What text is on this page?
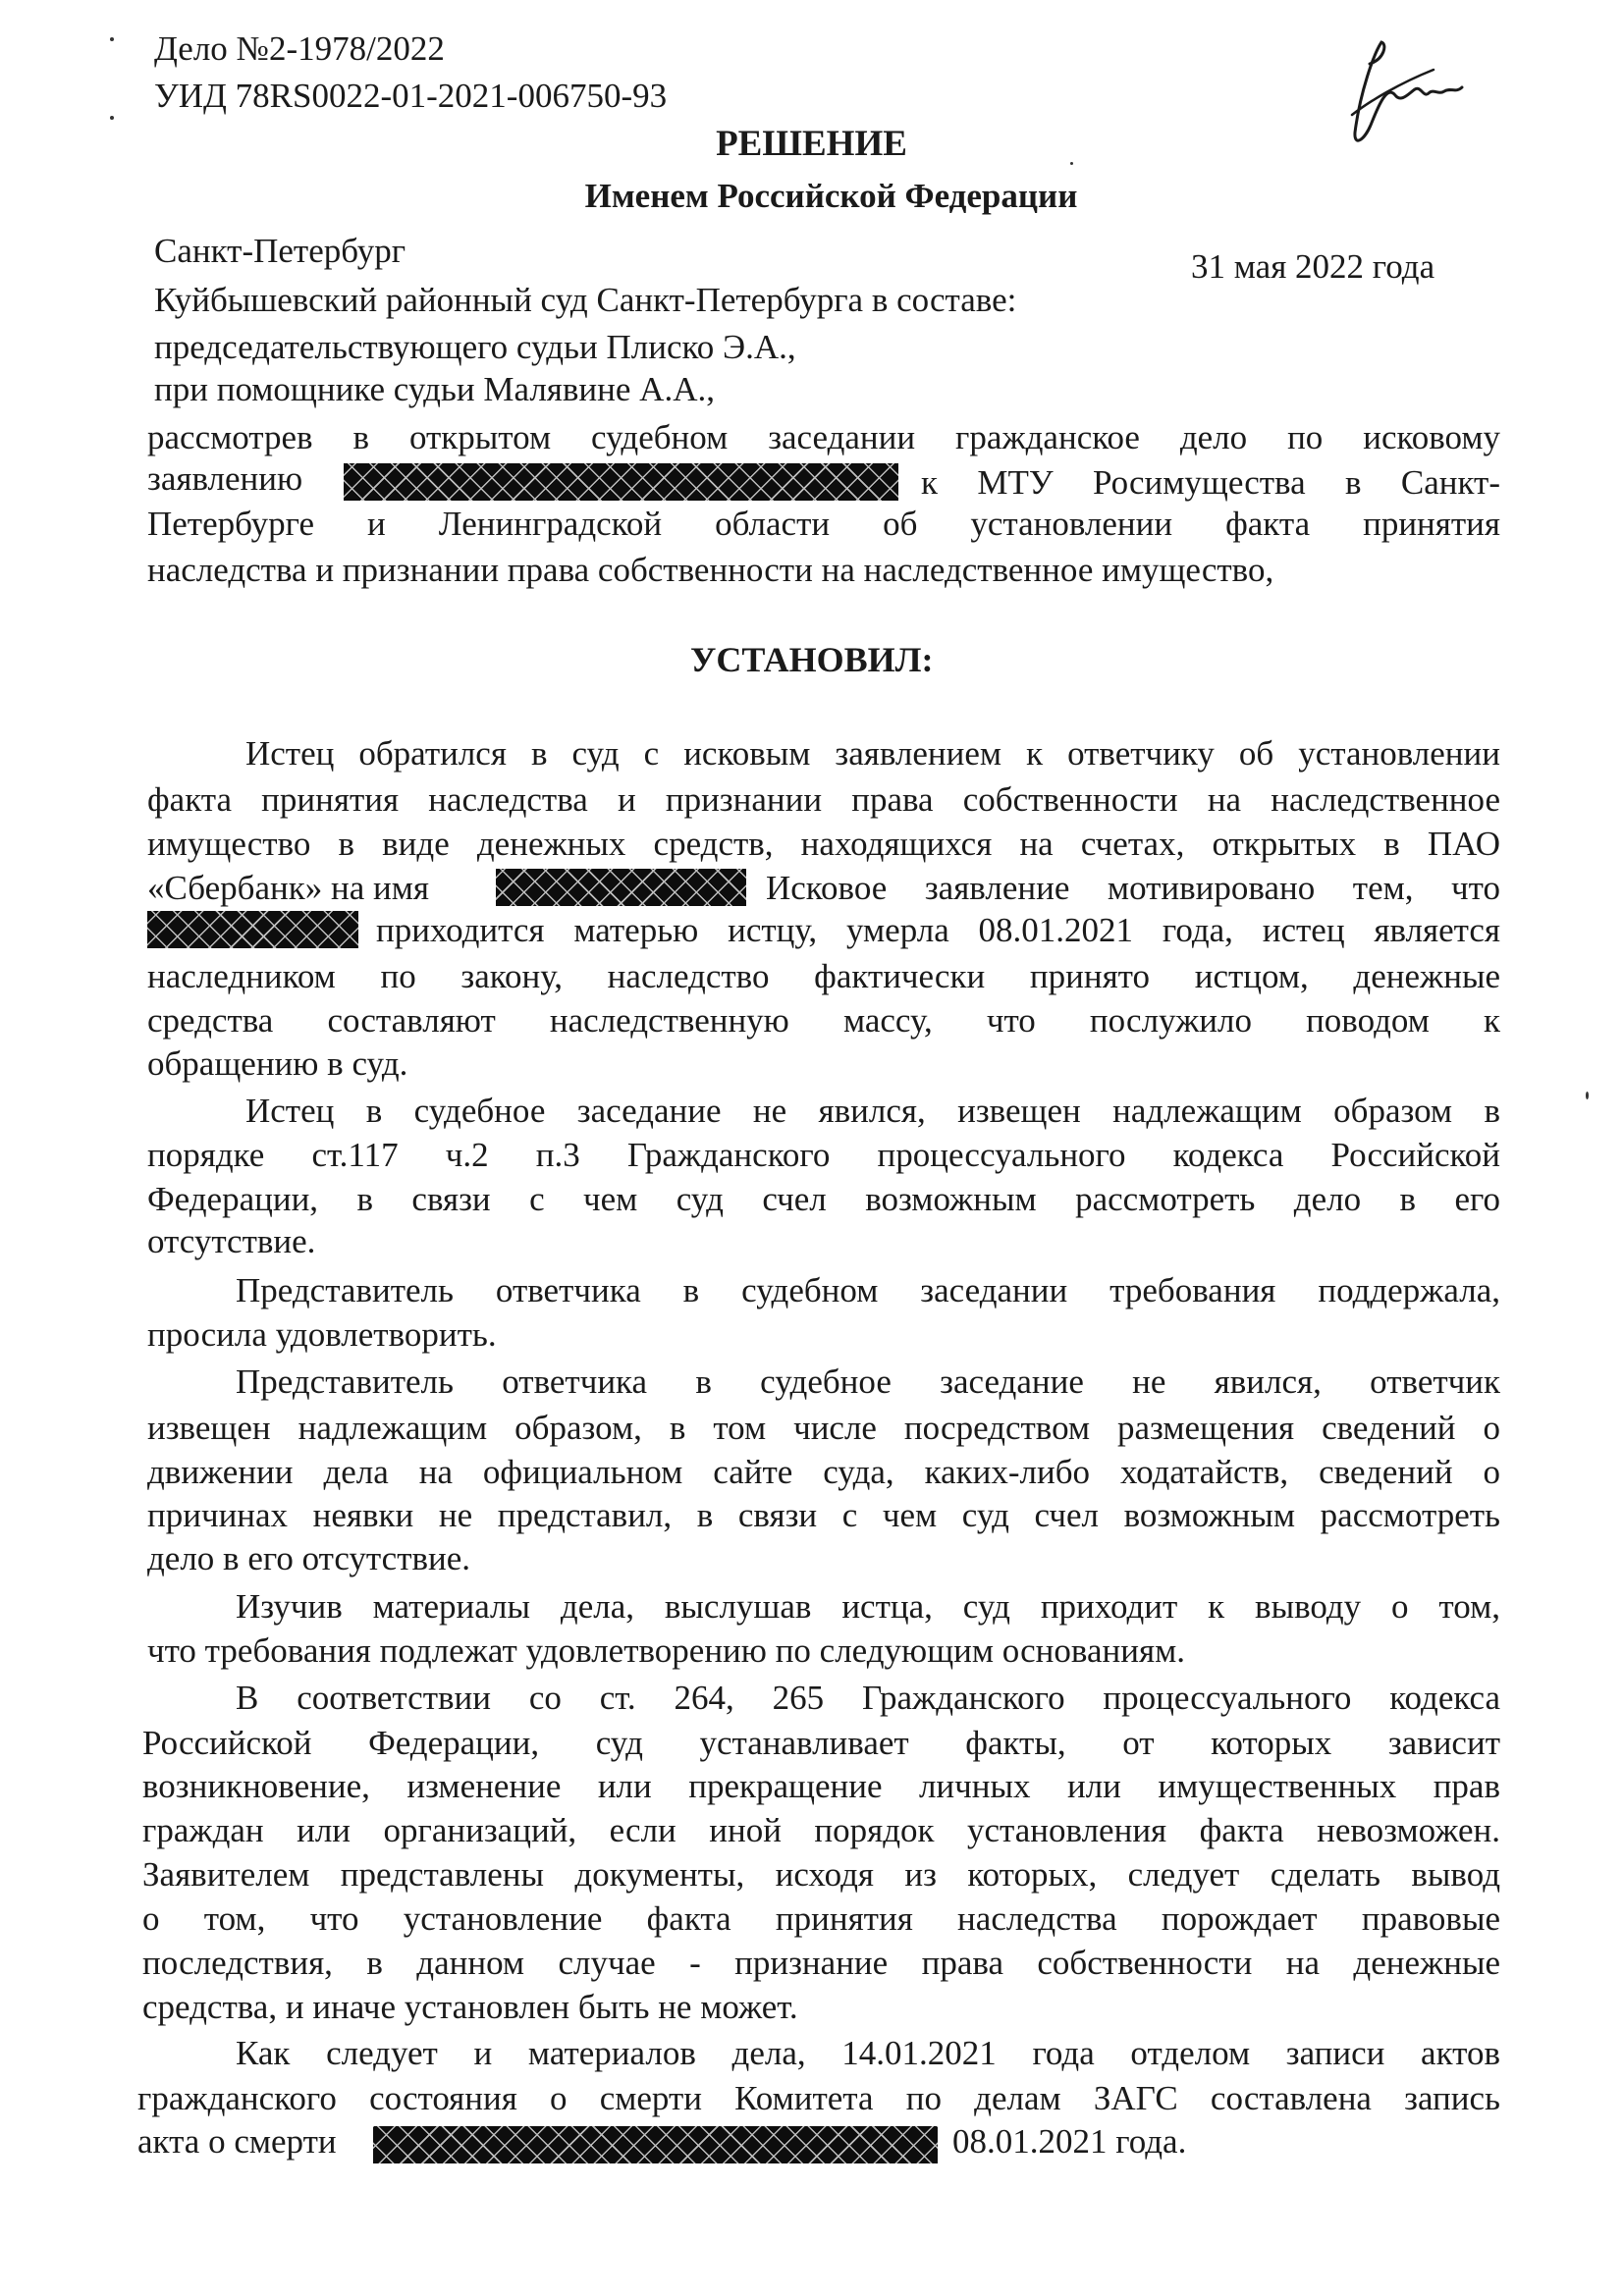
Дело №2-1978/2022
УИД 78RS0022-01-2021-006750-93
РЕШЕНИЕ
Именем Российской Федерации
Санкт-Петербург	31 мая 2022 года
Куйбышевский районный суд Санкт-Петербурга в составе:
председательствующего судьи Плиско Э.А.,
при помощнике судьи Малявине А.А.,
рассмотрев в открытом судебном заседании гражданское дело по исковому
заявлению	к МТУ Росимущества в Санкт-
Петербурге и Ленинградской области об установлении факта принятия
наследства и признании права собственности на наследственное имущество,
УСТАНОВИЛ:
Истец обратился в суд с исковым заявлением к ответчику об установлении
факта принятия наследства и признании права собственности на наследственное
имущество в виде денежных средств, находящихся на счетах, открытых в ПАО
«Сбербанк» на имя	Исковое заявление мотивировано тем, что
приходится матерью истцу, умерла 08.01.2021 года, истец является
наследником по закону, наследство фактически принято истцом, денежные
средства составляют наследственную массу, что послужило поводом к
обращению в суд.
Истец в судебное заседание не явился, извещен надлежащим образом в
порядке ст.117 ч.2 п.3 Гражданского процессуального кодекса Российской
Федерации, в связи с чем суд счел возможным рассмотреть дело в его
отсутствие.
Представитель ответчика в судебном заседании требования поддержала,
просила удовлетворить.
Представитель ответчика в судебное заседание не явился, ответчик
извещен надлежащим образом, в том числе посредством размещения сведений о
движении дела на официальном сайте суда, каких-либо ходатайств, сведений о
причинах неявки не представил, в связи с чем суд счел возможным рассмотреть
дело в его отсутствие.
Изучив материалы дела, выслушав истца, суд приходит к выводу о том,
что требования подлежат удовлетворению по следующим основаниям.
В соответствии со ст. 264, 265 Гражданского процессуального кодекса
Российской Федерации, суд устанавливает факты, от которых зависит
возникновение, изменение или прекращение личных или имущественных прав
граждан или организаций, если иной порядок установления факта невозможен.
Заявителем представлены документы, исходя из которых, следует сделать вывод
о том, что установление факта принятия наследства порождает правовые
последствия, в данном случае - признание права собственности на денежные
средства, и иначе установлен быть не может.
Как следует и материалов дела, 14.01.2021 года отделом записи актов
гражданского состояния о смерти Комитета по делам ЗАГС составлена запись
акта о смерти	08.01.2021 года.
